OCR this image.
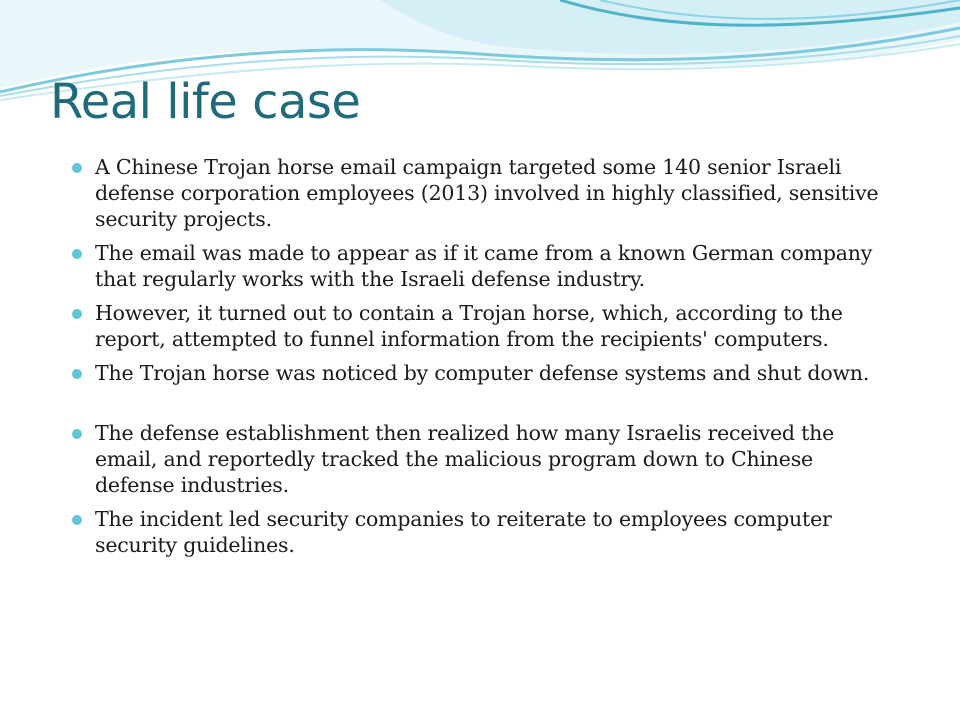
Real life case
A Chinese Trojan horse email campaign targeted some 140 senior Israeli defense corporation employees (2013) involved in highly classified, sensitive security projects.
The email was made to appear as if it came from a known German company that regularly works with the Israeli defense industry.
However, it turned out to contain a Trojan horse, which, according to the report, attempted to funnel information from the recipients' computers.
The Trojan horse was noticed by computer defense systems and shut down.
The defense establishment then realized how many Israelis received the email, and reportedly tracked the malicious program down to Chinese defense industries.
The incident led security companies to reiterate to employees computer security guidelines.
